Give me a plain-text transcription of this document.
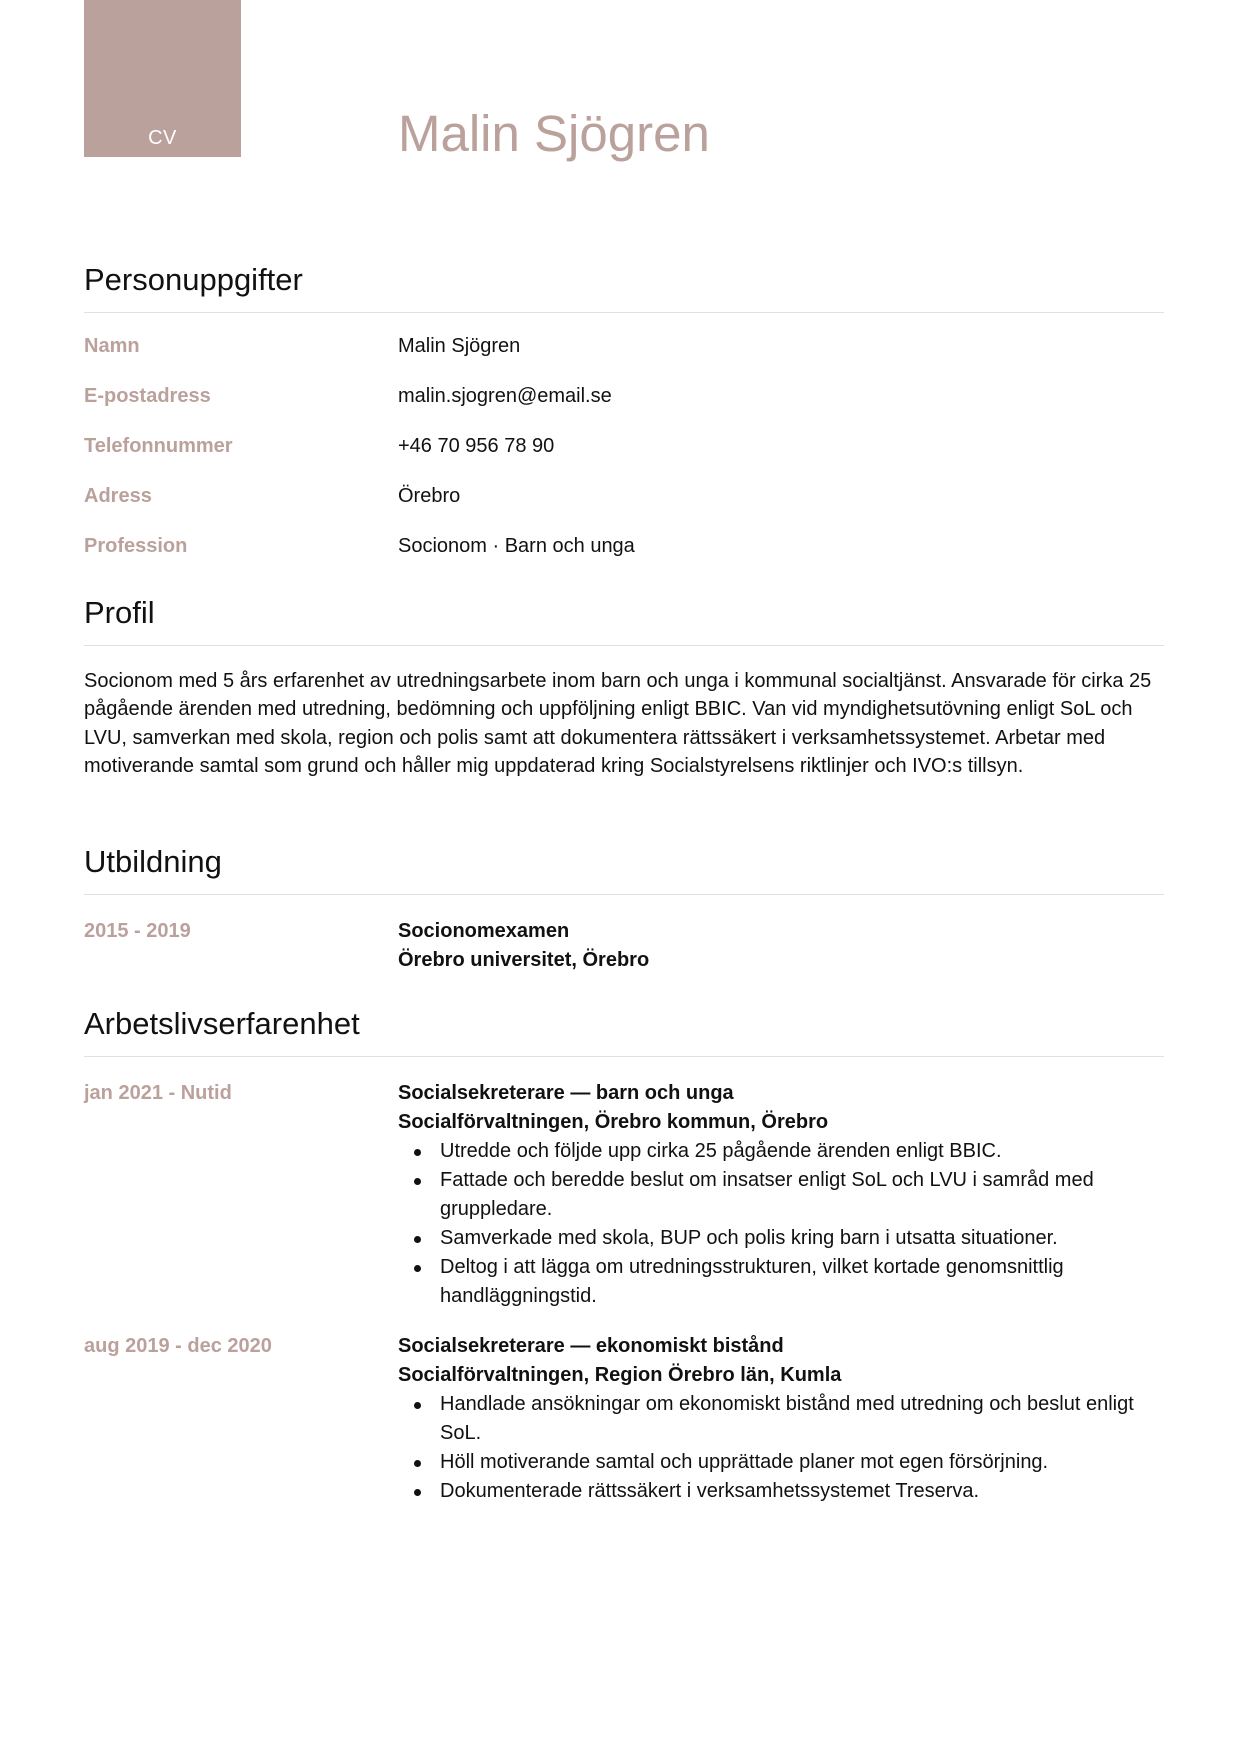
CV	Malin Sjögren
Personuppgifter
Namn	Malin Sjögren
E-postadress	malin.sjogren@email.se
Telefonnummer	+46 70 956 78 90
Adress	Örebro
Profession	Socionom · Barn och unga
Profil

Socionom med 5 års erfarenhet av utredningsarbete inom barn och unga i kommunal socialtjänst. Ansvarade för cirka 25 pågående ärenden med utredning, bedömning och uppföljning enligt BBIC. Van vid myndighetsutövning enligt SoL och LVU, samverkan med skola, region och polis samt att dokumentera rättssäkert i verksamhetssystemet. Arbetar med motiverande samtal som grund och håller mig uppdaterad kring Socialstyrelsens riktlinjer och IVO:s tillsyn.

Utbildning
2015 - 2019	Socionomexamen
Örebro universitet, Örebro
Arbetslivserfarenhet
jan 2021 - Nutid	Socialsekreterare — barn och unga
Socialförvaltningen, Örebro kommun, Örebro
Utredde och följde upp cirka 25 pågående ärenden enligt BBIC.
Fattade och beredde beslut om insatser enligt SoL och LVU i samråd med gruppledare.
Samverkade med skola, BUP och polis kring barn i utsatta situationer.
Deltog i att lägga om utredningsstrukturen, vilket kortade genomsnittlig handläggningstid.
aug 2019 - dec 2020	Socialsekreterare — ekonomiskt bistånd
Socialförvaltningen, Region Örebro län, Kumla
Handlade ansökningar om ekonomiskt bistånd med utredning och beslut enligt SoL.
Höll motiverande samtal och upprättade planer mot egen försörjning.
Dokumenterade rättssäkert i verksamhetssystemet Treserva.
